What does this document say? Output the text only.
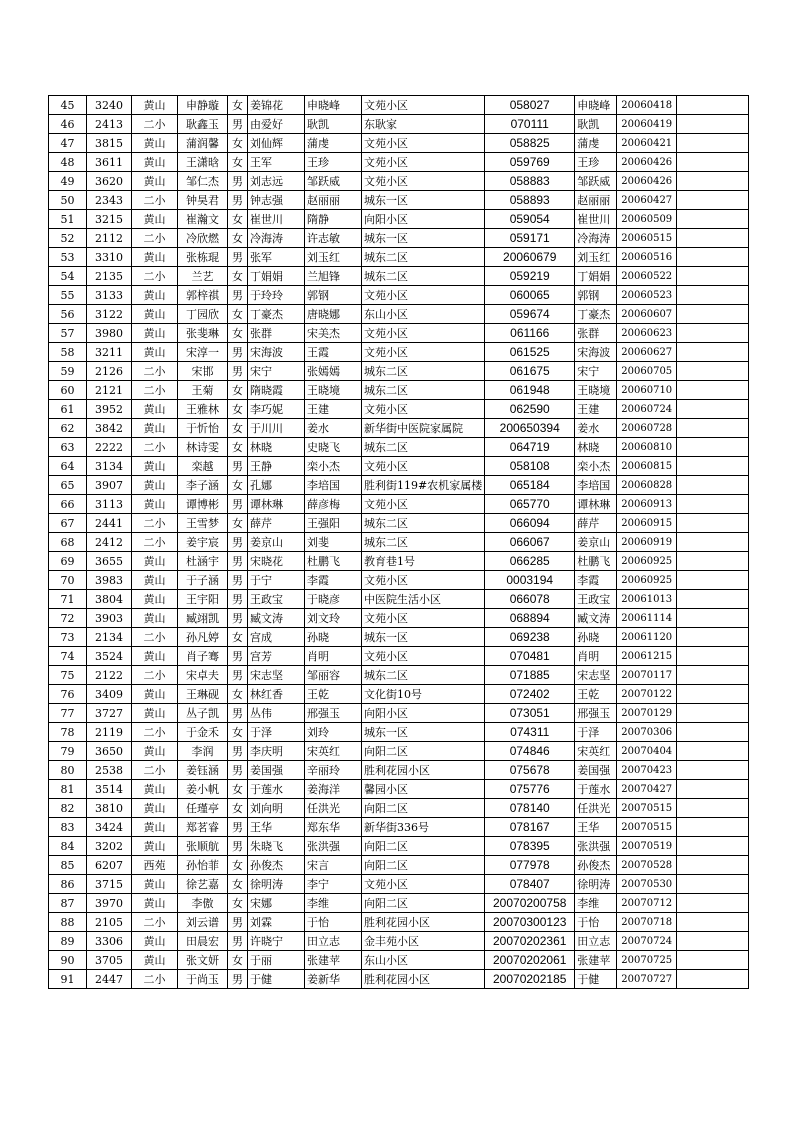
45	3240	黄山	申静璇	女	姜锦花	申晓峰	文苑小区	058027	申晓峰	20060418	
46	2413	二小	耿鑫玉	男	由爱好	耿凯	东耿家	070111	耿凯	20060419	
47	3815	黄山	蒲润馨	女	刘仙辉	蒲虔	文苑小区	058825	蒲虔	20060421	
48	3611	黄山	王潇晗	女	王军	王珍	文苑小区	059769	王珍	20060426	
49	3620	黄山	邹仁杰	男	刘志远	邹跃威	文苑小区	058883	邹跃威	20060426	
50	2343	二小	钟昊君	男	钟志强	赵丽丽	城东一区	058893	赵丽丽	20060427	
51	3215	黄山	崔瀚文	女	崔世川	隋静	向阳小区	059054	崔世川	20060509	
52	2112	二小	冷欣燃	女	冷海涛	许志敏	城东一区	059171	冷海涛	20060515	
53	3310	黄山	张栋琨	男	张军	刘玉红	城东二区	20060679	刘玉红	20060516	
54	2135	二小	兰艺	女	丁娟娟	兰旭锋	城东二区	059219	丁娟娟	20060522	
55	3133	黄山	郭梓祺	男	于玲玲	郭钢	文苑小区	060065	郭钢	20060523	
56	3122	黄山	丁园欣	女	丁豪杰	唐晓娜	东山小区	059674	丁豪杰	20060607	
57	3980	黄山	张斐琳	女	张群	宋美杰	文苑小区	061166	张群	20060623	
58	3211	黄山	宋淳一	男	宋海波	王霞	文苑小区	061525	宋海波	20060627	
59	2126	二小	宋邯	男	宋宁	张嫣嫣	城东二区	061675	宋宁	20060705	
60	2121	二小	王菊	女	隋晓霞	王晓境	城东二区	061948	王晓境	20060710	
61	3952	黄山	王雅林	女	李巧妮	王建	文苑小区	062590	王建	20060724	
62	3842	黄山	于忻怡	女	于川川	姜水	新华街中医院家属院	200650394	姜水	20060728	
63	2222	二小	林诗雯	女	林晓	史晓飞	城东二区	064719	林晓	20060810	
64	3134	黄山	栾越	男	王静	栾小杰	文苑小区	058108	栾小杰	20060815	
65	3907	黄山	李子涵	女	孔娜	李培国	胜利街119#农机家属楼	065184	李培国	20060828	
66	3113	黄山	谭博彬	男	谭林琳	薛彦梅	文苑小区	065770	谭林琳	20060913	
67	2441	二小	王雪梦	女	薛芹	王强阳	城东二区	066094	薛芹	20060915	
68	2412	二小	姜宇宸	男	姜京山	刘斐	城东二区	066067	姜京山	20060919	
69	3655	黄山	杜涵宇	男	宋晓花	杜鹏飞	教育巷1号	066285	杜鹏飞	20060925	
70	3983	黄山	于子涵	男	于宁	李霞	文苑小区	0003194	李霞	20060925	
71	3804	黄山	王宇阳	男	王政宝	于晓彦	中医院生活小区	066078	王政宝	20061013	
72	3903	黄山	臧翊凯	男	臧文涛	刘文玲	文苑小区	068894	臧文涛	20061114	
73	2134	二小	孙凡婷	女	宫成	孙晓	城东一区	069238	孙晓	20061120	
74	3524	黄山	肖子骞	男	宫芳	肖明	文苑小区	070481	肖明	20061215	
75	2122	二小	宋卓夫	男	宋志坚	邹丽容	城东二区	071885	宋志坚	20070117	
76	3409	黄山	王琳砚	女	林红香	王乾	文化街10号	072402	王乾	20070122	
77	3727	黄山	丛子凯	男	丛伟	邢强玉	向阳小区	073051	邢强玉	20070129	
78	2119	二小	于金禾	女	于泽	刘玲	城东一区	074311	于泽	20070306	
79	3650	黄山	李润	男	李庆明	宋英红	向阳二区	074846	宋英红	20070404	
80	2538	二小	姜钰涵	男	姜国强	辛丽玲	胜利花园小区	075678	姜国强	20070423	
81	3514	黄山	姜小帆	女	于莲水	姜海洋	馨园小区	075776	于莲水	20070427	
82	3810	黄山	任瑾亭	女	刘向明	任洪光	向阳二区	078140	任洪光	20070515	
83	3424	黄山	郑茗睿	男	王华	郑东华	新华街336号	078167	王华	20070515	
84	3202	黄山	张顺航	男	朱晓飞	张洪强	向阳二区	078395	张洪强	20070519	
85	6207	西苑	孙怡菲	女	孙俊杰	宋言	向阳二区	077978	孙俊杰	20070528	
86	3715	黄山	徐艺嘉	女	徐明涛	李宁	文苑小区	078407	徐明涛	20070530	
87	3970	黄山	李傲	女	宋娜	李维	向阳二区	20070200758	李维	20070712	
88	2105	二小	刘云谱	男	刘霖	于怡	胜利花园小区	20070300123	于怡	20070718	
89	3306	黄山	田晨宏	男	许晓宁	田立志	金丰苑小区	20070202361	田立志	20070724	
90	3705	黄山	张文妍	女	于丽	张建苹	东山小区	20070202061	张建苹	20070725	
91	2447	二小	于尚玉	男	于健	姜新华	胜利花园小区	20070202185	于健	20070727	
